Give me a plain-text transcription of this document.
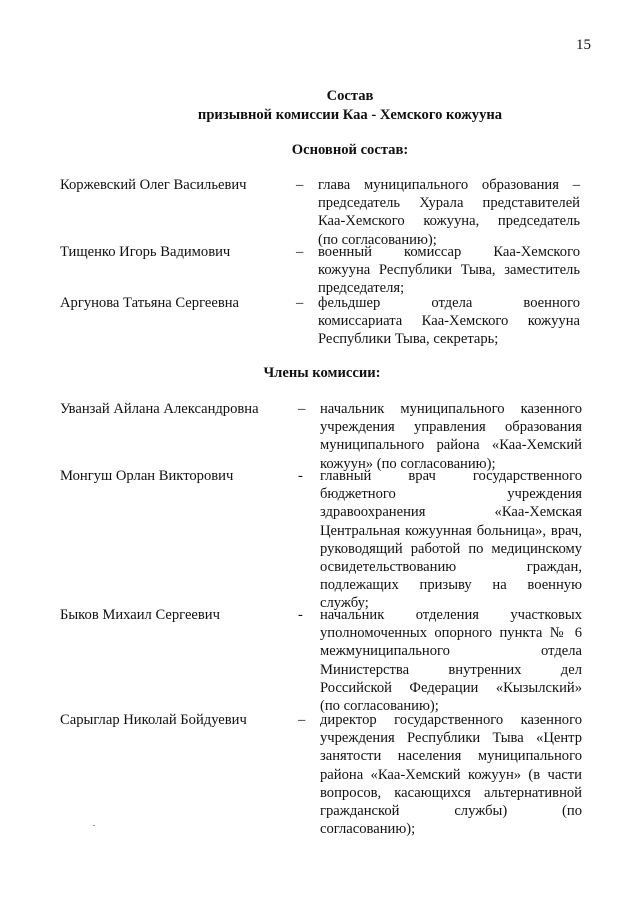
15
Состав
призывной комиссии Каа - Хемского кожууна
Основной состав:
Коржевский Олег Васильевич	– глава муниципального образования –
председатель Хурала представителей
Каа-Хемского кожууна, председатель
(по согласованию);
Тищенко Игорь Вадимович	– военный комиссар Каа-Хемского
кожууна Республики Тыва, заместитель
председателя;
Аргунова Татьяна Сергеевна	– фельдшер отдела военного
комиссариата Каа-Хемского кожууна
Республики Тыва, секретарь;
Члены комиссии:
Уванзай Айлана Александровна	– начальник муниципального казенного
учреждения управления образования
муниципального района «Каа-Хемский
кожуун» (по согласованию);
Монгуш Орлан Викторович	- главный врач государственного
бюджетного учреждения
здравоохранения «Каа-Хемская
Центральная кожуунная больница», врач,
руководящий работой по медицинскому
освидетельствованию граждан,
подлежащих призыву на военную
службу;
Быков Михаил Сергеевич	- начальник отделения участковых
уполномоченных опорного пункта № 6
межмуниципального отдела
Министерства внутренних дел
Российской Федерации «Кызылский»
(по согласованию);
Сарыглар Николай Бойдуевич	– директор государственного казенного
учреждения Республики Тыва «Центр
занятости населения муниципального
района «Каа-Хемский кожуун» (в части
вопросов, касающихся альтернативной
гражданской службы) (по
согласованию);
